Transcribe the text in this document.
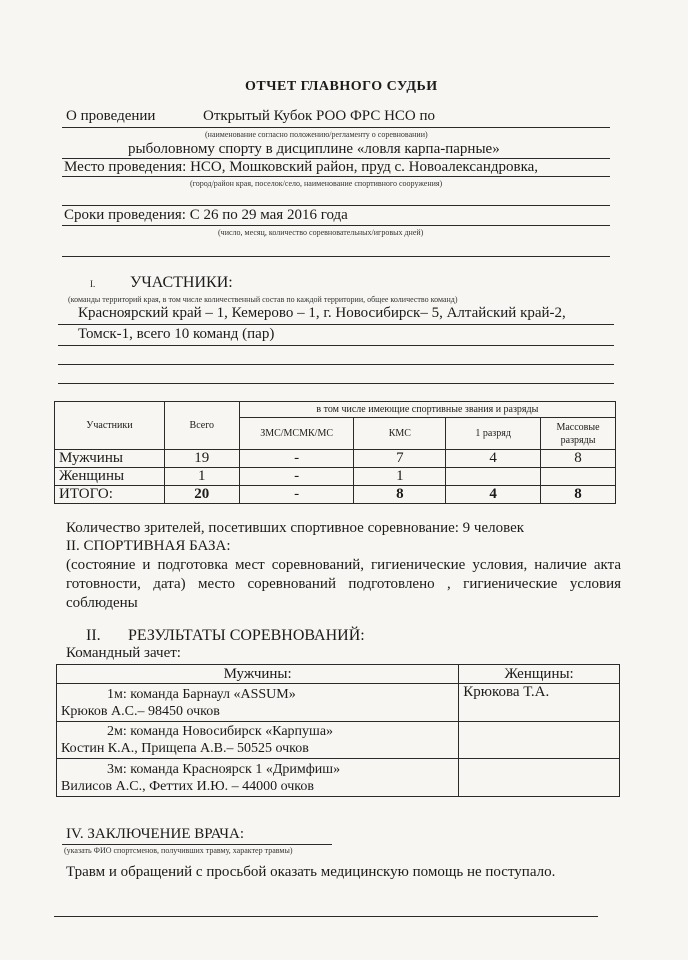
ОТЧЕТ ГЛАВНОГО СУДЬИ
О проведении	Открытый Кубок РОО ФРС НСО по
(наименование согласно положению/регламенту о соревновании)
рыболовному спорту в дисциплине «ловля карпа-парные»
Место проведения: НСО, Мошковский район, пруд с. Новоалександровка,
(город/район края, поселок/село, наименование спортивного сооружения)
Сроки проведения: С 26 по 29 мая 2016 года
(число, месяц, количество соревновательных/игровых дней)
I. УЧАСТНИКИ:
(команды территорий края, в том числе количественный состав по каждой территории, общее количество команд)
Красноярский край – 1, Кемерово – 1, г. Новосибирск– 5, Алтайский край-2,
Томск-1, всего 10 команд (пар)
Участники	Всего	в том числе имеющие спортивные звания и разряды			
		ЗМС/МСМК/МС	КМС	1 разряд	Массовые
разряды
Мужчины	19	-	7	4	8
Женщины	1	-	1		
ИТОГО:	20	-	8	4	8
Количество зрителей, посетивших спортивное соревнование: 9 человек
II. СПОРТИВНАЯ БАЗА:
(состояние и подготовка мест соревнований, гигиенические условия, наличие акта готовности, дата) место соревнований подготовлено , гигиенические условия соблюдены
II. РЕЗУЛЬТАТЫ СОРЕВНОВАНИЙ:
Командный зачет:
Мужчины:	Женщины:

1м: команда Барнаул «ASSUM»
Крюков А.С.– 98450 очков	Крюкова Т.А.

2м: команда Новосибирск «Карпуша»
Костин К.А., Прищепа А.В.– 50525 очков	

3м: команда Красноярск 1 «Дримфиш»
Вилисов А.С., Феттих И.Ю. – 44000 очков	

IV. ЗАКЛЮЧЕНИЕ ВРАЧА:
(указать ФИО спортсменов, получивших травму, характер травмы)
Травм и обращений с просьбой оказать медицинскую помощь не поступало.
